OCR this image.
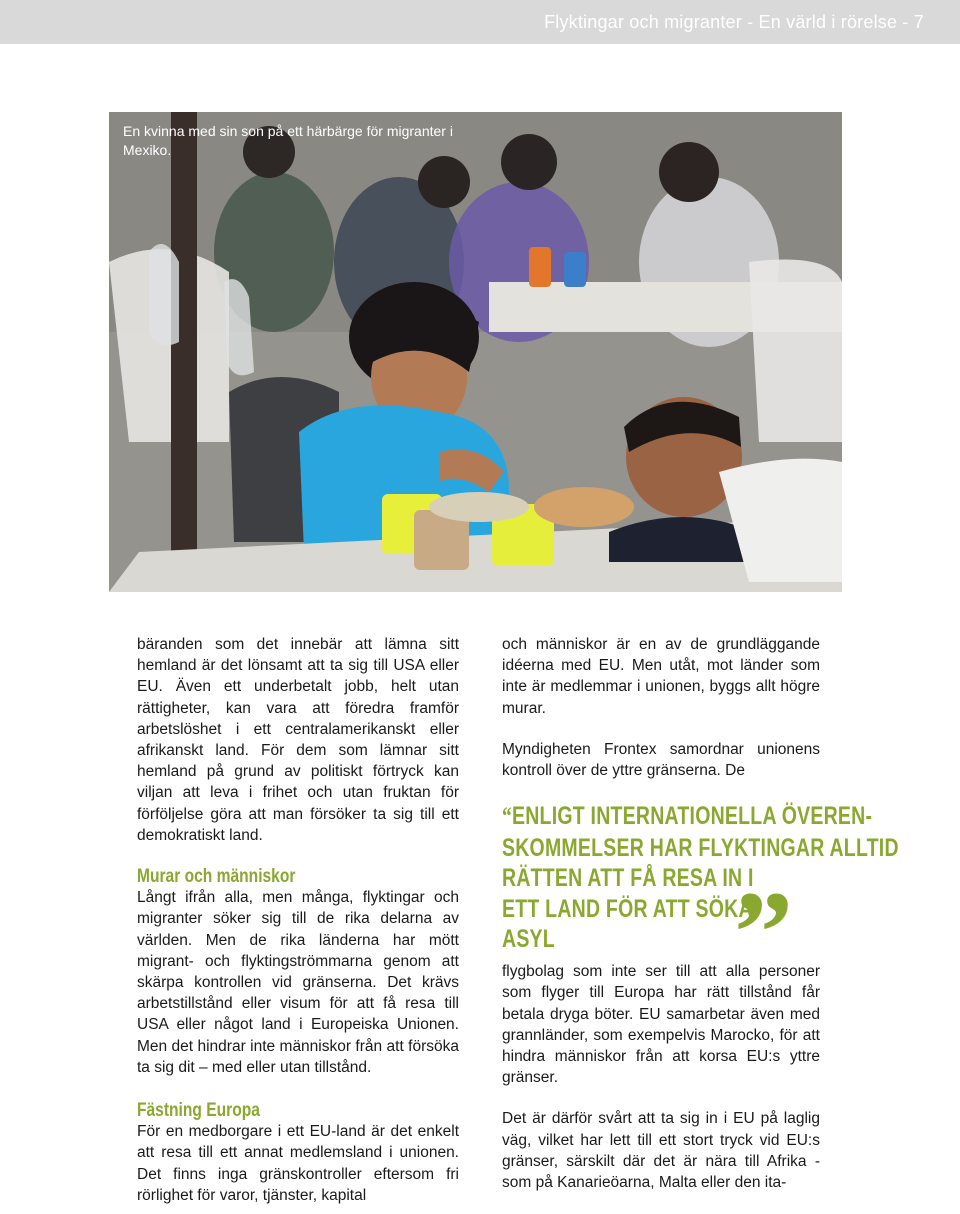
Flyktingar och migranter - En värld i rörelse - 7
En kvinna med sin son på ett härbärge för migranter i Mexiko.

bäranden som det innebär att lämna sitt hemland är det lönsamt att ta sig till USA eller EU. Även ett underbetalt jobb, helt utan rättigheter, kan vara att föredra framför arbetslöshet i ett centralamerikanskt eller afrikanskt land. För dem som lämnar sitt hemland på grund av politiskt förtryck kan viljan att leva i frihet och utan fruktan för förföljelse göra att man försöker ta sig till ett demokratiskt land.

Murar och människor

Långt ifrån alla, men många, flyktingar och migranter söker sig till de rika delarna av världen. Men de rika länderna har mött migrant- och flyktingströmmarna genom att skärpa kontrollen vid gränserna. Det krävs arbetstillstånd eller visum för att få resa till USA eller något land i Europeiska Unionen. Men det hindrar inte människor från att försöka ta sig dit – med eller utan tillstånd.

Fästning Europa

För en medborgare i ett EU-land är det enkelt att resa till ett annat medlemsland i unionen. Det finns inga gränskontroller eftersom fri rörlighet för varor, tjänster, kapital

och människor är en av de grundläggande idéerna med EU. Men utåt, mot länder som inte är medlemmar i unionen, byggs allt högre murar.

Myndigheten Frontex samordnar unionens kontroll över de yttre gränserna. De

“ENLIGT INTERNATIONELLA ÖVEREN-
SKOMMELSER HAR FLYKTINGAR ALLTID
RÄTTEN ATT FÅ RESA IN I
ETT LAND FÖR ATT SÖKA
ASYL	”

flygbolag som inte ser till att alla personer som flyger till Europa har rätt tillstånd får betala dryga böter. EU samarbetar även med grannländer, som exempelvis Marocko, för att hindra människor från att korsa EU:s yttre gränser.

Det är därför svårt att ta sig in i EU på laglig väg, vilket har lett till ett stort tryck vid EU:s gränser, särskilt där det är nära till Afrika - som på Kanarieöarna, Malta eller den ita-
